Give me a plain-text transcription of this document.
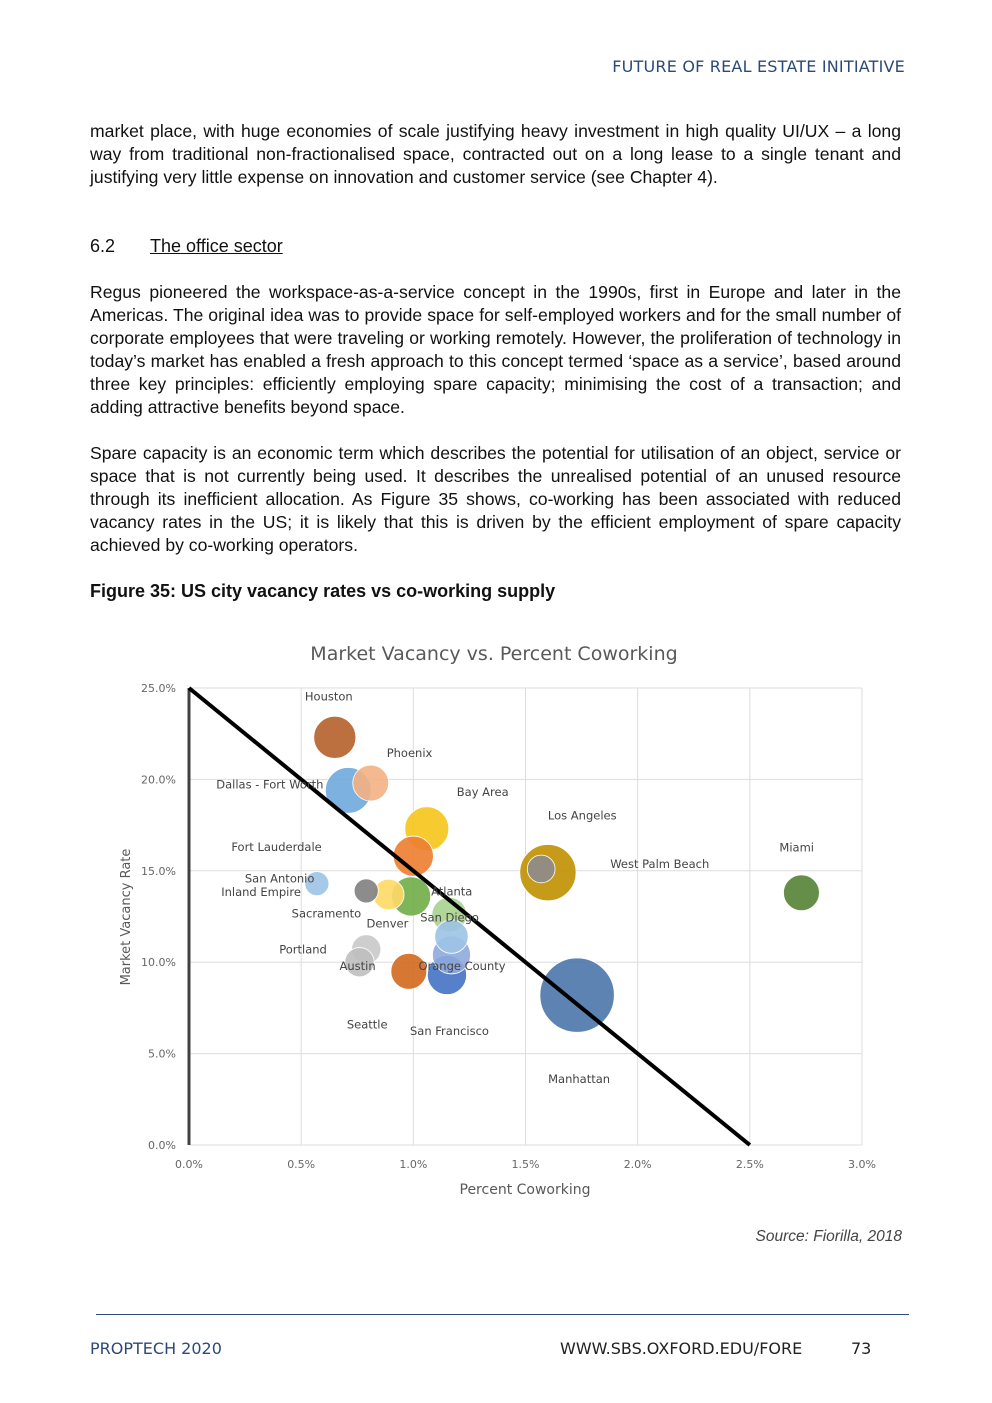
FUTURE OF REAL ESTATE INITIATIVE

market place, with huge economies of scale justifying heavy investment in high quality UI/UX – a long way from traditional non-fractionalised space, contracted out on a long lease to a single tenant and justifying very little expense on innovation and customer service (see Chapter 4).

6.2 The office sector

Regus pioneered the workspace-as-a-service concept in the 1990s, first in Europe and later in the Americas. The original idea was to provide space for self-employed workers and for the small number of corporate employees that were traveling or working remotely. However, the proliferation of technology in today’s market has enabled a fresh approach to this concept termed ‘space as a service’, based around three key principles: efficiently employing spare capacity; minimising the cost of a transaction; and adding attractive benefits beyond space.

Spare capacity is an economic term which describes the potential for utilisation of an object, service or space that is not currently being used. It describes the unrealised potential of an unused resource through its inefficient allocation. As Figure 35 shows, co-working has been associated with reduced vacancy rates in the US; it is likely that this is driven by the efficient employment of spare capacity achieved by co-working operators.

Figure 35: US city vacancy rates vs co-working supply
Market Vacancy vs. Percent Coworking
0.0%	0.5%	1.0%	1.5%	2.0%	2.5%	3.0%
0.0%
5.0%
10.0%
15.0%
20.0%
25.0%
Houston
Phoenix
Dallas - Fort Worth
Bay Area
Los Angeles
West Palm Beach
Miami
Fort Lauderdale
San Antonio
Inland Empire
Sacramento
Atlanta
San Diego
Denver
Portland
Austin	Orange County
Seattle San Francisco
Manhattan
Percent Coworking
Market Vacancy Rate
Source: Fiorilla, 2018
PROPTECH 2020	WWW.SBS.OXFORD.EDU/FORE	73
